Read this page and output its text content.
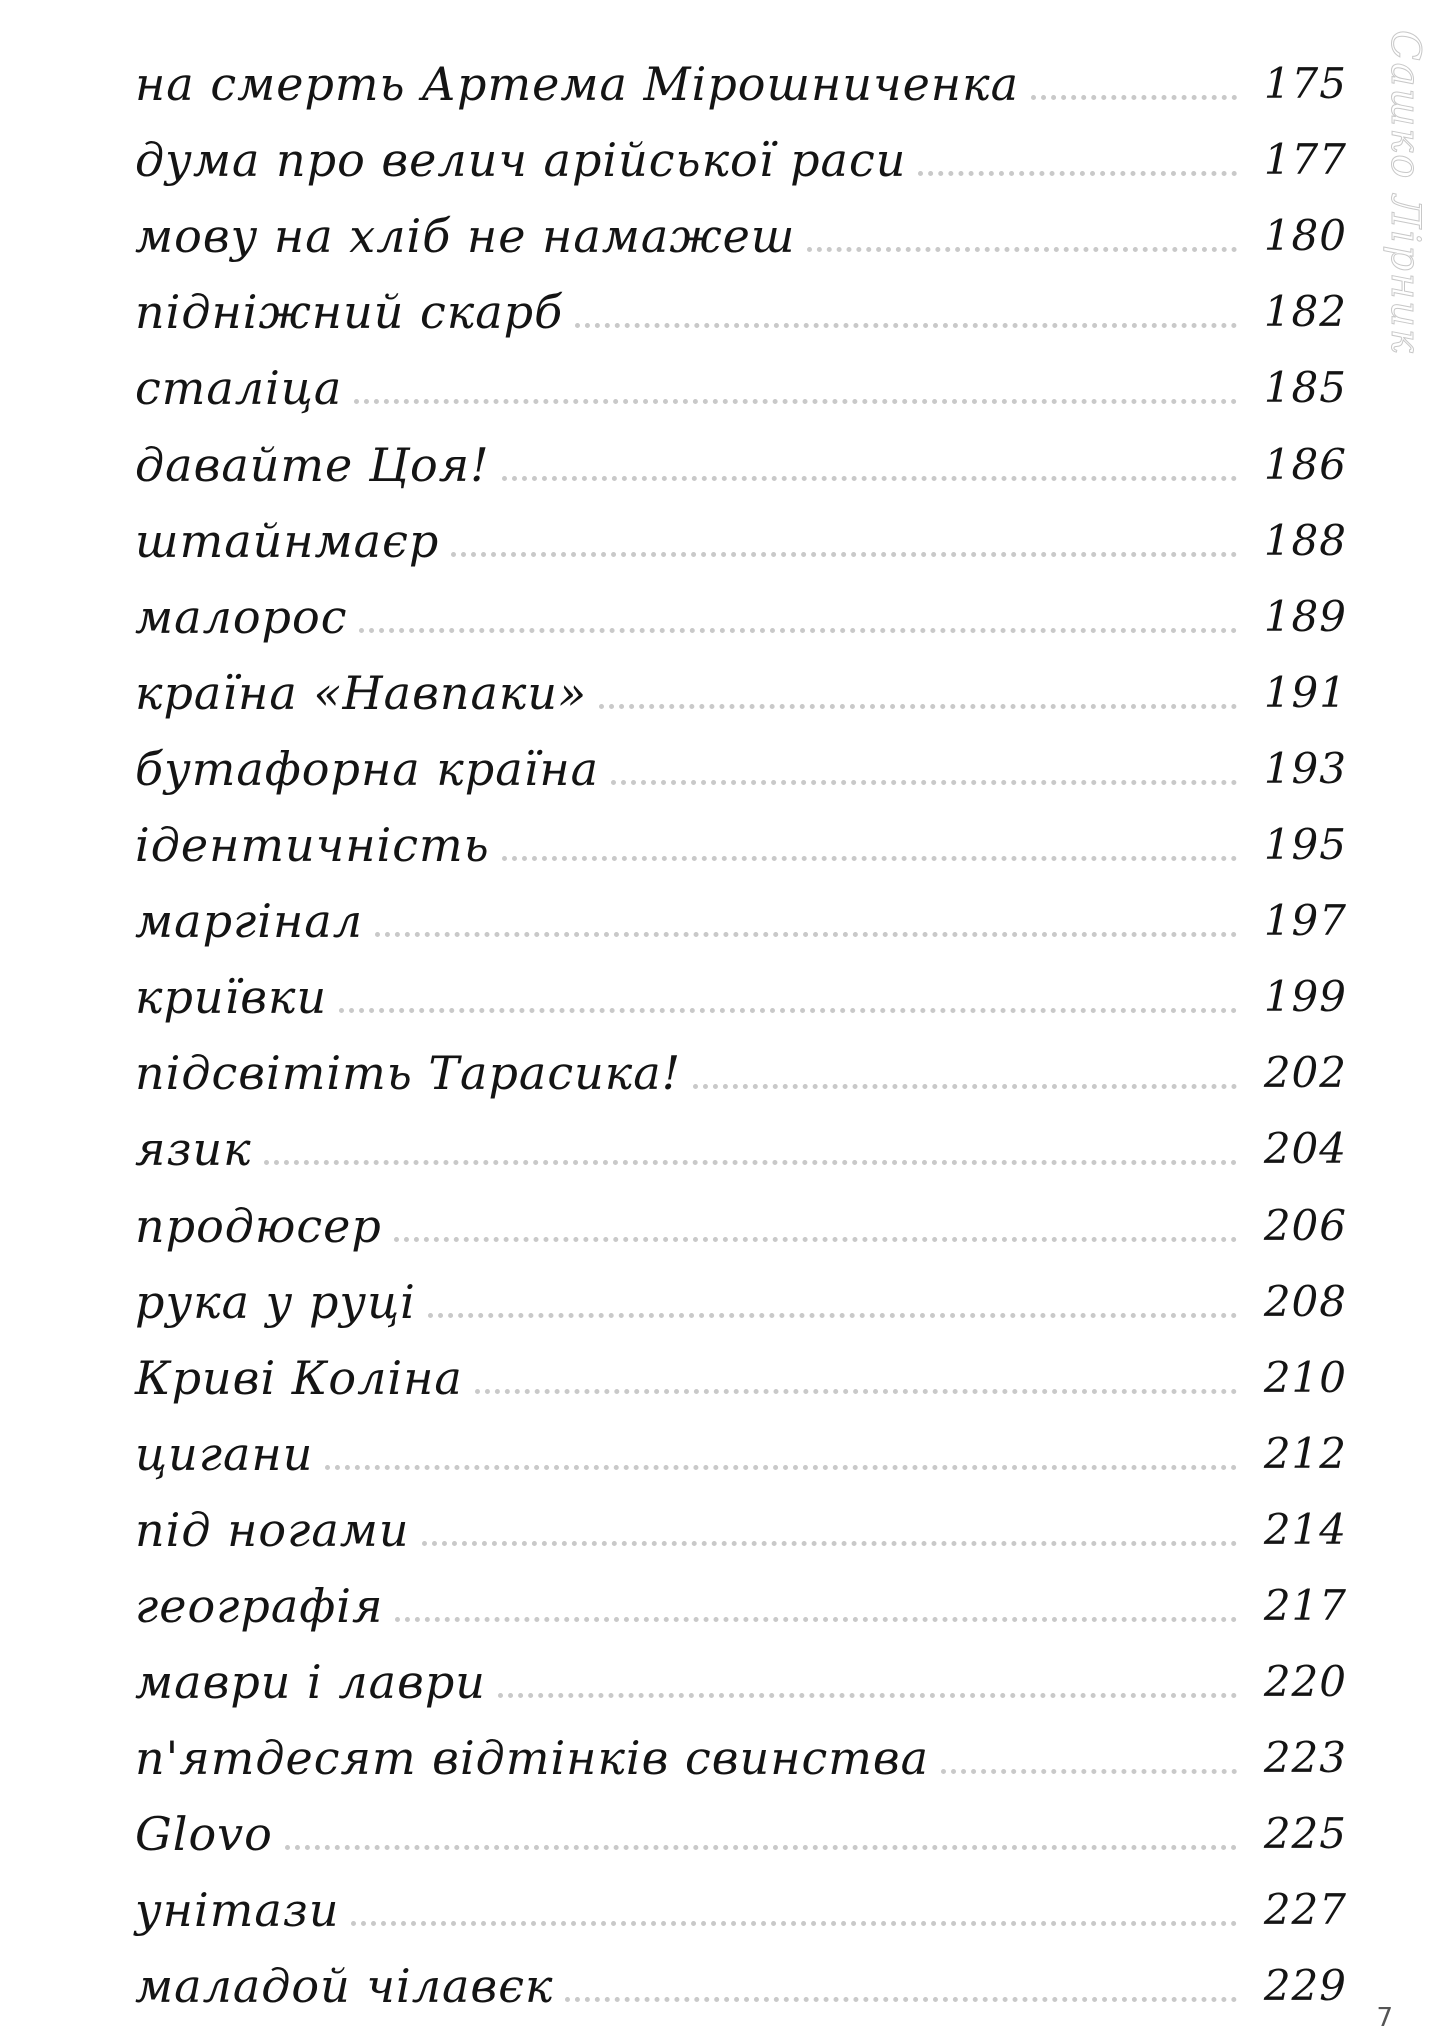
на смерть Артема Мірошниченка	175
дума про велич арійської раси	177
мову на хліб не намажеш	180
підніжний скарб	182
сталіца	185
давайте Цоя!	186
штайнмаєр	188
малорос	189
країна «Навпаки»	191
бутафорна країна	193
ідентичність	195
маргінал	197
криївки	199
підсвітіть Тарасика!	202
язик	204
продюсер	206
рука у руці	208
Криві Коліна	210
цигани	212
під ногами	214
географія	217
маври і лаври	220
п'ятдесят відтінків свинства	223
Glovo	225
унітази	227
маладой чілавєк	229
Сашко Лірник
7
